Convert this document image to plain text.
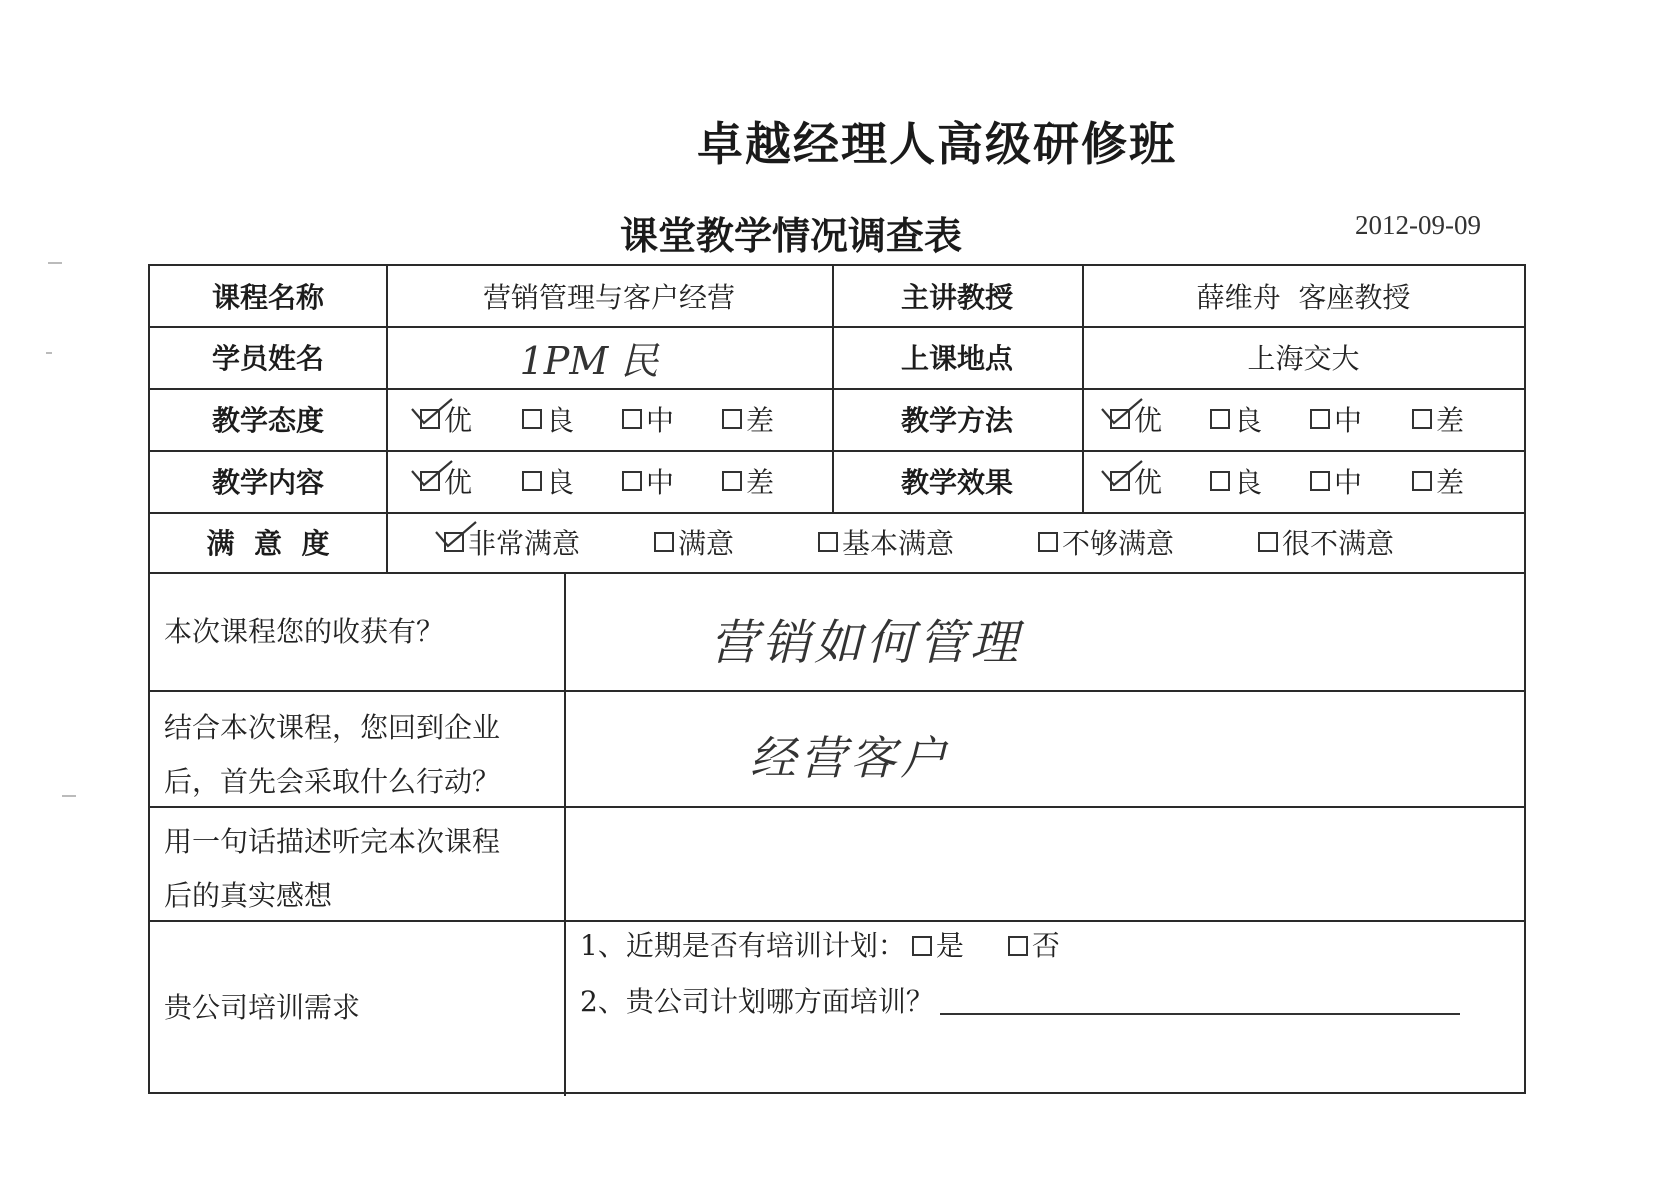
卓越经理人高级研修班
课堂教学情况调查表	2012-09-09
课程名称	营销管理与客户经营	主讲教授	薛维舟  客座教授
学员姓名	1PM 民	上课地点	上海交大
教学态度	优	良	中	差	教学方法	优	良	中	差
教学内容	优	良	中	差	教学效果	优	良	中	差
满  意  度	非常满意	满意	基本满意	不够满意	很不满意
本次课程您的收获有？	营销如何管理
结合本次课程，您回到企业
后，首先会采取什么行动？	经营客户
用一句话描述听完本次课程
后的真实感想
贵公司培训需求
1、近期是否有培训计划： 是 否
2、贵公司计划哪方面培训？
